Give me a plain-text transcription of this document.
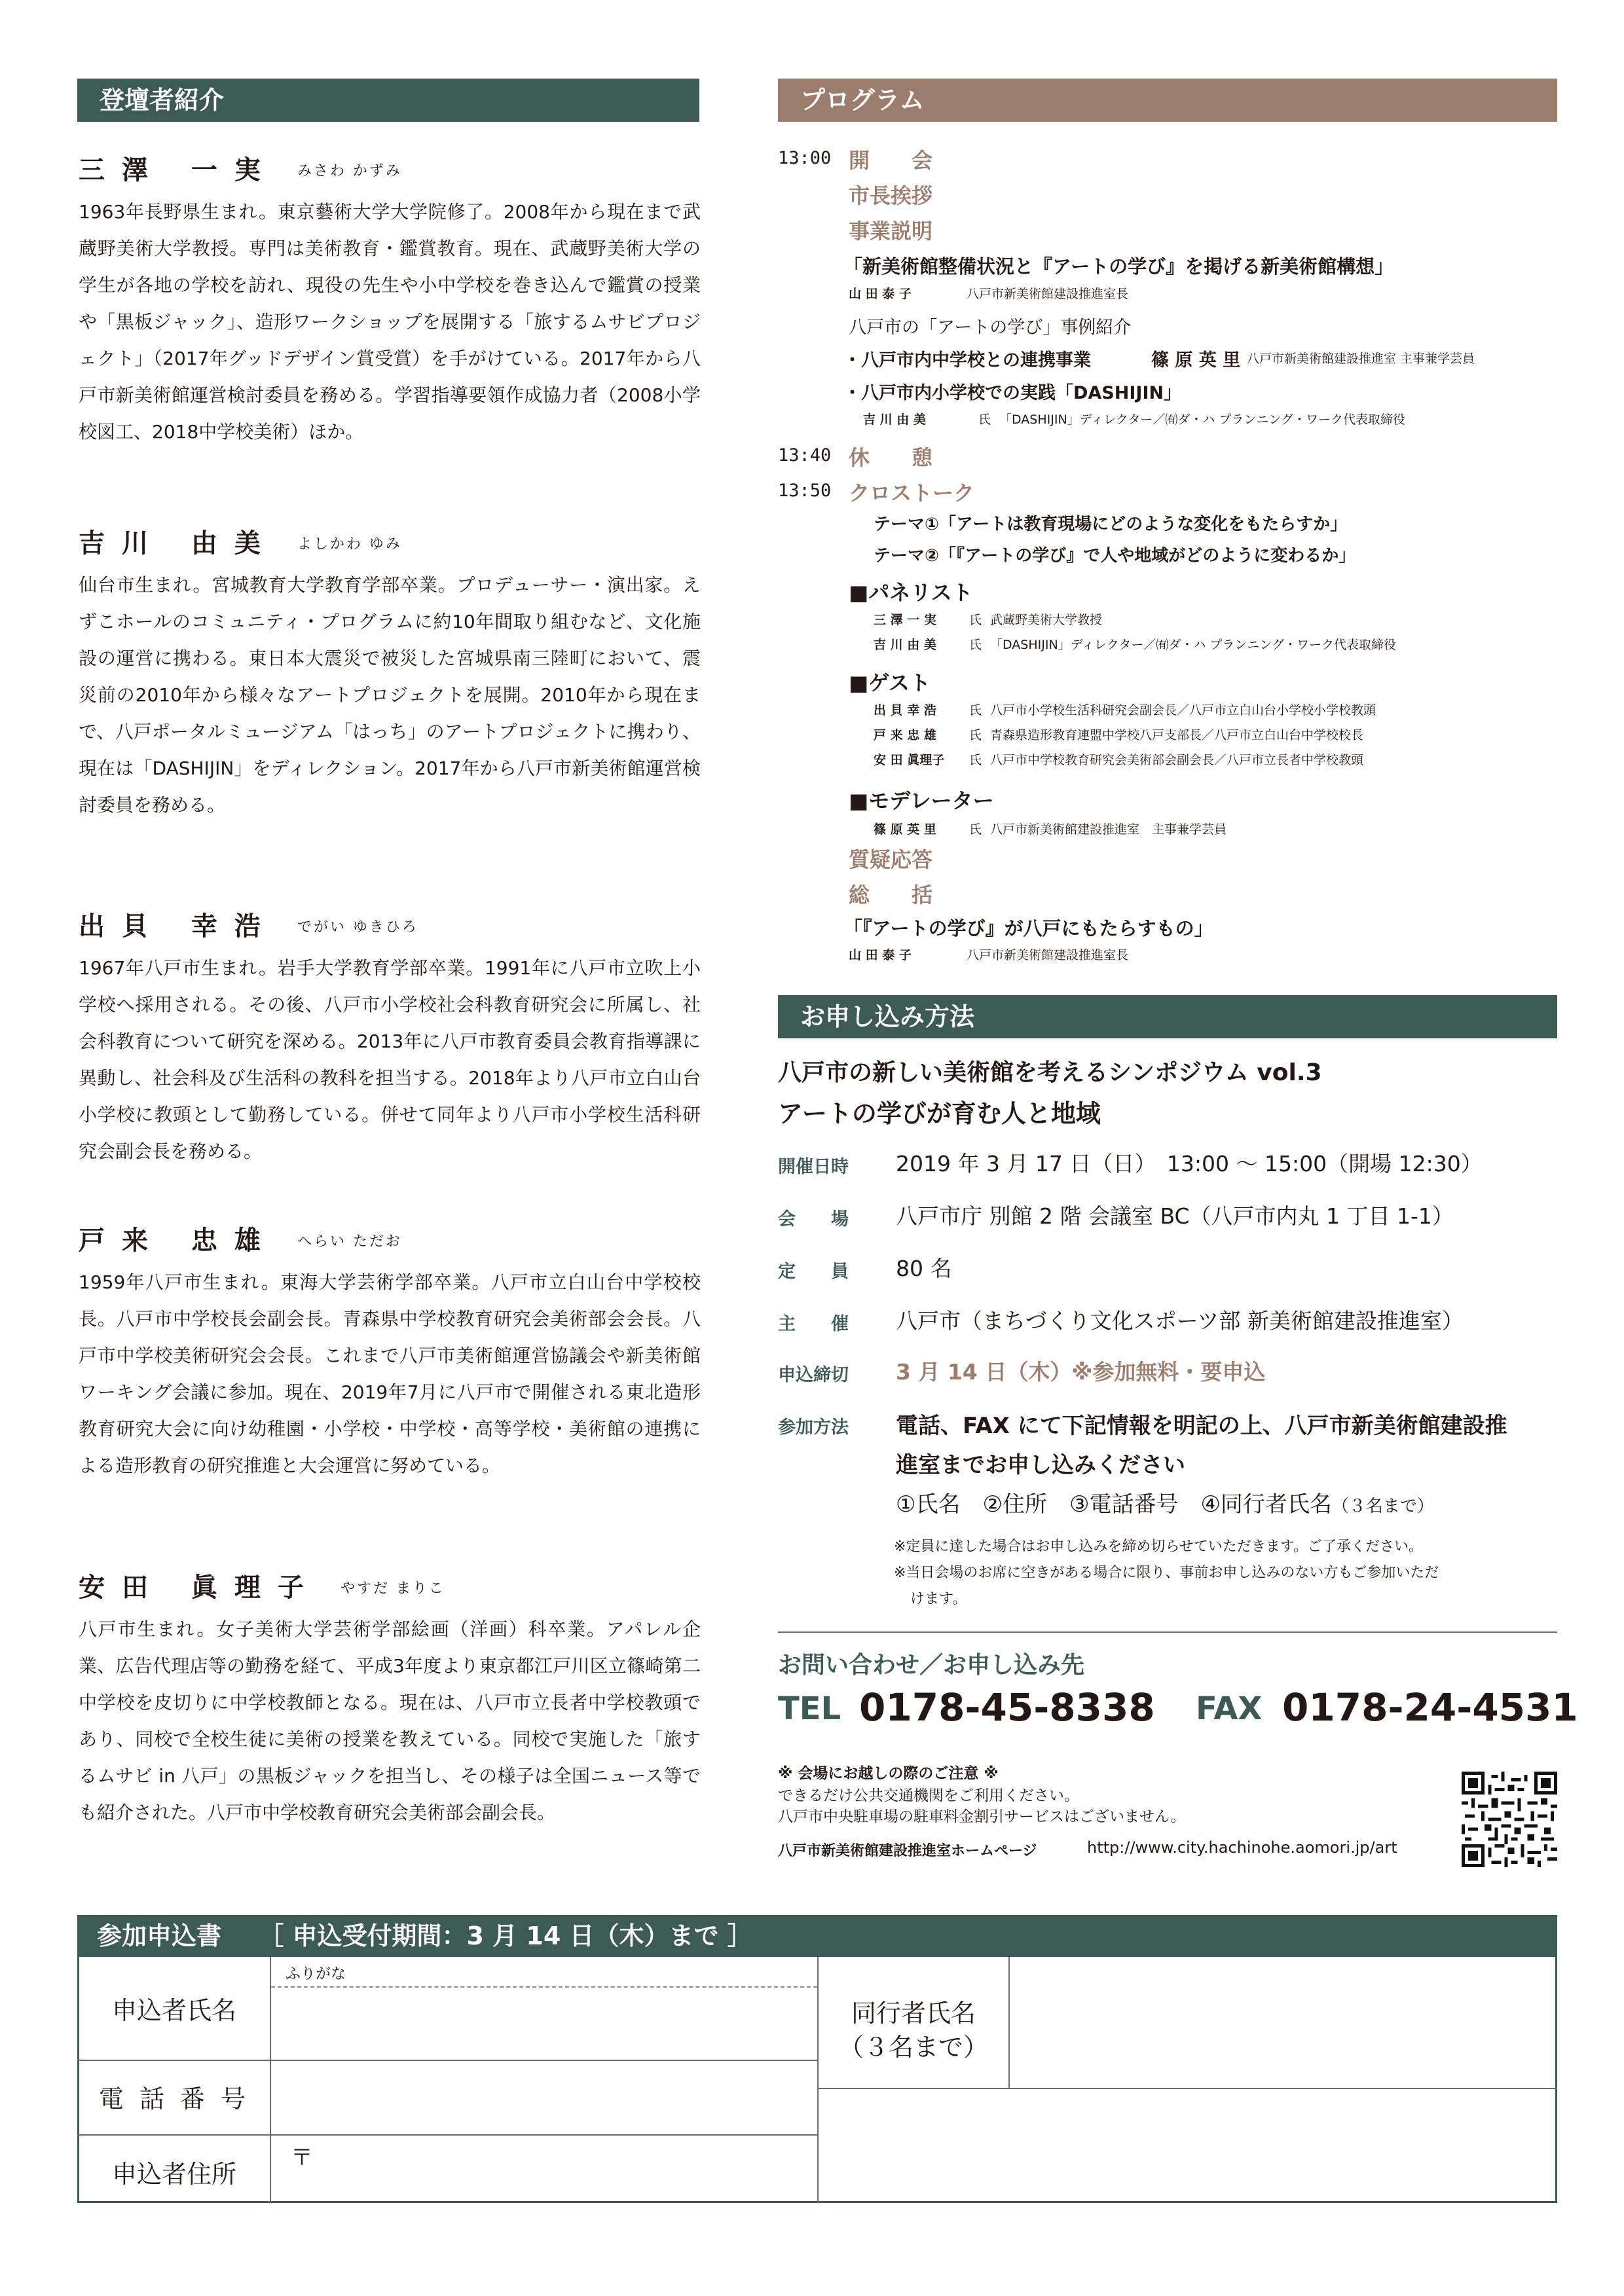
登壇者紹介
三澤 一実 みさわ かずみ
1963年長野県生まれ。東京藝術大学大学院修了。2008年から現在まで武蔵野美術大学教授。専門は美術教育・鑑賞教育。現在、武蔵野美術大学の学生が各地の学校を訪れ、現役の先生や小中学校を巻き込んで鑑賞の授業や「黒板ジャック」、造形ワークショップを展開する「旅するムサビプロジェクト」（2017年グッドデザイン賞受賞）を手がけている。2017年から八戸市新美術館運営検討委員を務める。学習指導要領作成協力者（2008小学校図工、2018中学校美術）ほか。
吉川 由美 よしかわ ゆみ
仙台市生まれ。宮城教育大学教育学部卒業。プロデューサー・演出家。えずこホールのコミュニティ・プログラムに約10年間取り組むなど、文化施設の運営に携わる。東日本大震災で被災した宮城県南三陸町において、震災前の2010年から様々なアートプロジェクトを展開。2010年から現在まで、八戸ポータルミュージアム「はっち」のアートプロジェクトに携わり、現在は「DASHIJIN」をディレクション。2017年から八戸市新美術館運営検討委員を務める。
出貝 幸浩 でがい ゆきひろ
1967年八戸市生まれ。岩手大学教育学部卒業。1991年に八戸市立吹上小学校へ採用される。その後、八戸市小学校社会科教育研究会に所属し、社会科教育について研究を深める。2013年に八戸市教育委員会教育指導課に異動し、社会科及び生活科の教科を担当する。2018年より八戸市立白山台小学校に教頭として勤務している。併せて同年より八戸市小学校生活科研究会副会長を務める。
戸来 忠雄 へらい ただお
1959年八戸市生まれ。東海大学芸術学部卒業。八戸市立白山台中学校校長。八戸市中学校長会副会長。青森県中学校教育研究会美術部会会長。八戸市中学校美術研究会会長。これまで八戸市美術館運営協議会や新美術館ワーキング会議に参加。現在、2019年7月に八戸市で開催される東北造形教育研究大会に向け幼稚園・小学校・中学校・高等学校・美術館の連携による造形教育の研究推進と大会運営に努めている。
安田 眞理子 やすだ まりこ
八戸市生まれ。女子美術大学芸術学部絵画（洋画）科卒業。アパレル企業、広告代理店等の勤務を経て、平成3年度より東京都江戸川区立篠崎第二中学校を皮切りに中学校教師となる。現在は、八戸市立長者中学校教頭であり、同校で全校生徒に美術の授業を教えている。同校で実施した「旅するムサビ in 八戸」の黒板ジャックを担当し、その様子は全国ニュース等でも紹介された。八戸市中学校教育研究会美術部会副会長。
プログラム
13:00 開　　会
市長挨拶
事業説明
「新美術館整備状況と『アートの学び』を掲げる新美術館構想」
山 田 泰 子	八戸市新美術館建設推進室長
八戸市の「アートの学び」事例紹介
・八戸市内中学校との連携事業	篠 原 英 里 八戸市新美術館建設推進室 主事兼学芸員
・八戸市内小学校での実践「DASHIJIN」
吉 川 由 美	氏 「DASHIJIN」ディレクター／㈲ダ・ハ プランニング・ワーク代表取締役
13:40 休　　憩
13:50 クロストーク
テーマ①「アートは教育現場にどのような変化をもたらすか」
テーマ②「『アートの学び』で人や地域がどのように変わるか」
■パネリスト
三 澤 一 実	氏 武蔵野美術大学教授
吉 川 由 美	氏 「DASHIJIN」ディレクター／㈲ダ・ハ プランニング・ワーク代表取締役
■ゲスト
出 貝 幸 浩	氏 八戸市小学校生活科研究会副会長／八戸市立白山台小学校小学校教頭
戸 来 忠 雄	氏 青森県造形教育連盟中学校八戸支部長／八戸市立白山台中学校校長
安 田 眞理子 氏 八戸市中学校教育研究会美術部会副会長／八戸市立長者中学校教頭
■モデレーター
篠 原 英 里	氏 八戸市新美術館建設推進室　主事兼学芸員
質疑応答
総　　括
「『アートの学び』が八戸にもたらすもの」
山 田 泰 子	八戸市新美術館建設推進室長
お申し込み方法
八戸市の新しい美術館を考えるシンポジウム vol.3
アートの学びが育む人と地域
開催日時 2019 年 3 月 17 日（日）　13:00 ～ 15:00（開場 12:30）
会　　場 八戸市庁 別館 2 階 会議室 BC（八戸市内丸 1 丁目 1-1）
定　　員 80 名
主　　催 八戸市（まちづくり文化スポーツ部 新美術館建設推進室）
申込締切 3 月 14 日（木）※参加無料・要申込
参加方法 電話、FAX にて下記情報を明記の上、八戸市新美術館建設推
進室までお申し込みください
①氏名　②住所　③電話番号　④同行者氏名（３名まで）
※定員に達した場合はお申し込みを締め切らせていただきます。ご了承ください。
※当日会場のお席に空きがある場合に限り、事前お申し込みのない方もご参加いただ
けます。
お問い合わせ／お申し込み先
TEL 0178-45-8338 FAX 0178-24-4531
※ 会場にお越しの際のご注意 ※
できるだけ公共交通機関をご利用ください。
八戸市中央駐車場の駐車料金割引サービスはございません。
八戸市新美術館建設推進室ホームページ	http://www.city.hachinohe.aomori.jp/art
参加申込書 ［ 申込受付期間：3 月 14 日（木）まで ］
ふりがな
申込者氏名
電 話 番 号
申込者住所
〒
同行者氏名
（３名まで）
